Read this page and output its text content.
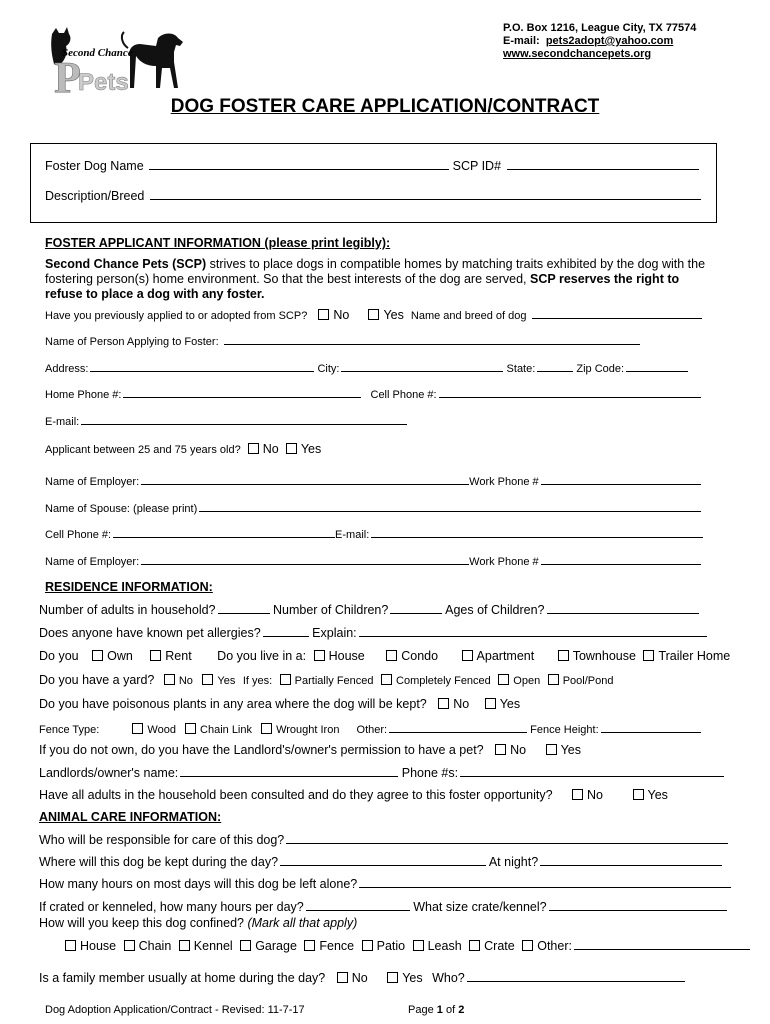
P
Pets
Second Chance
P.O. Box 1216, League City, TX 77574
E-mail: pets2adopt@yahoo.com
www.secondchancepets.org
DOG FOSTER CARE APPLICATION/CONTRACT
Foster Dog Name	SCP ID#
Description/Breed
FOSTER APPLICANT INFORMATION (please print legibly):
Second Chance Pets (SCP) strives to place dogs in compatible homes by matching traits exhibited by the dog with the fostering person(s) home environment. So that the best interests of the dog are served, SCP reserves the right to refuse to place a dog with any foster.
Have you previously applied to or adopted from SCP? No	Yes Name and breed of dog
Name of Person Applying to Foster:
Address:	City:	State:	Zip Code:
Home Phone #:	Cell Phone #:
E-mail:
Applicant between 25 and 75 years old? No Yes
Name of Employer:	Work Phone #
Name of Spouse: (please print)
Cell Phone #:	E-mail:
Name of Employer:	Work Phone #
RESIDENCE INFORMATION:
Number of adults in household?	Number of Children?	Ages of Children?
Does anyone have known pet allergies?	Explain:
Do you Own	Rent Do you live in a: House	Condo	Apartment	Townhouse Trailer Home
Do you have a yard? No Yes If yes: Partially Fenced Completely Fenced Open Pool/Pond
Do you have poisonous plants in any area where the dog will be kept? No Yes
Fence Type:	Wood Chain Link Wrought Iron Other:	Fence Height:
If you do not own, do you have the Landlord's/owner's permission to have a pet? No	Yes
Landlords/owner's name:	Phone #s:
Have all adults in the household been consulted and do they agree to this foster opportunity?	No	Yes
ANIMAL CARE INFORMATION:
Who will be responsible for care of this dog?
Where will this dog be kept during the day?	At night?
How many hours on most days will this dog be left alone?
If crated or kenneled, how many hours per day?	What size crate/kennel?
How will you keep this dog confined? (Mark all that apply)
House Chain Kennel Garage Fence Patio Leash Crate Other:
Is a family member usually at home during the day? No	Yes Who?
Dog Adoption Application/Contract - Revised: 11-7-17	Page 1 of 2
